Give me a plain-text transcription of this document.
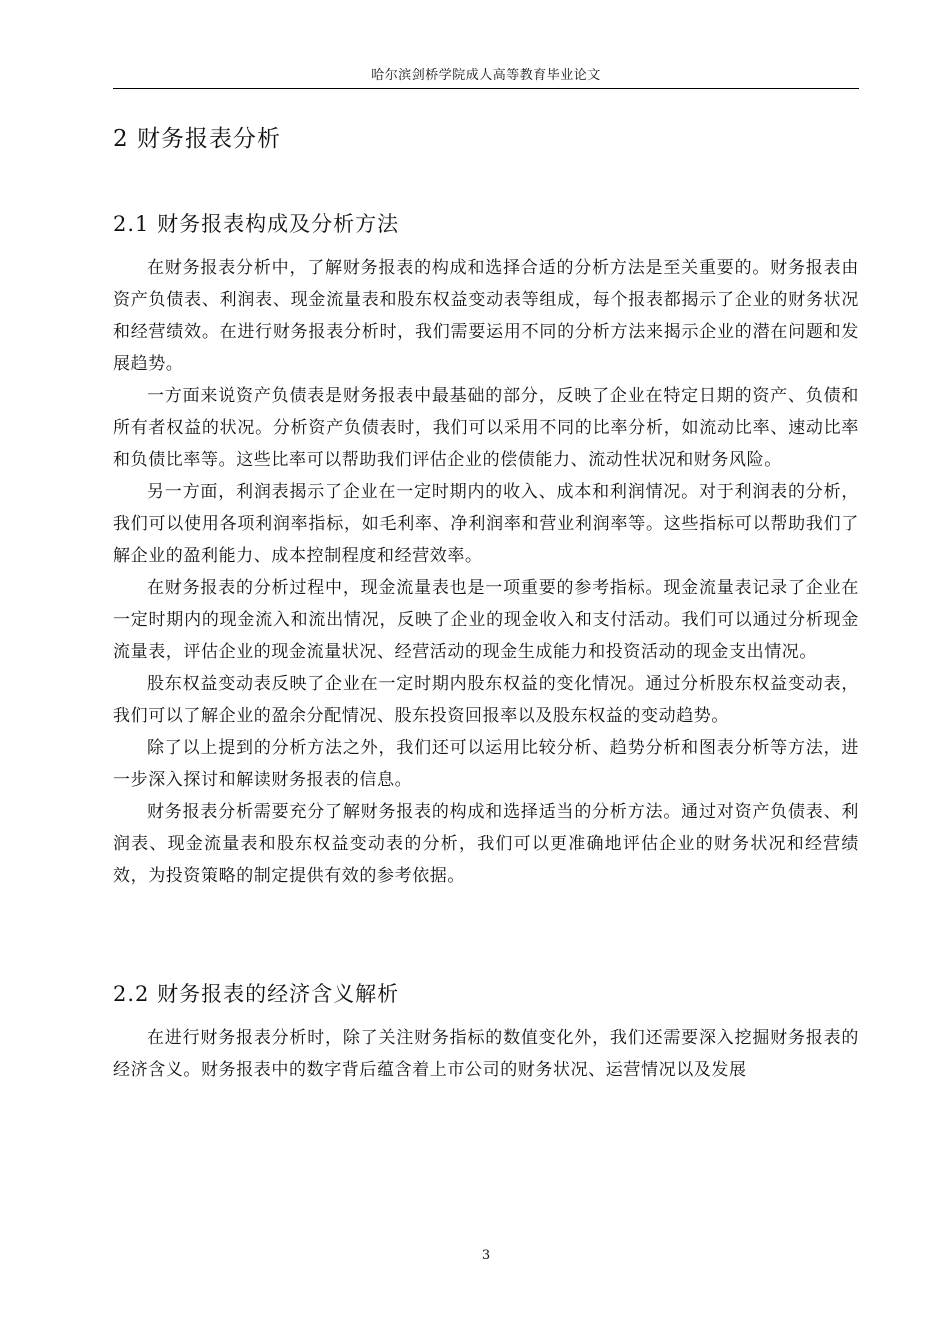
哈尔滨剑桥学院成人高等教育毕业论文
2 财务报表分析
2.1 财务报表构成及分析方法

在财务报表分析中，了解财务报表的构成和选择合适的分析方法是至关重要的。财务报表由资产负债表、利润表、现金流量表和股东权益变动表等组成，每个报表都揭示了企业的财务状况和经营绩效。在进行财务报表分析时，我们需要运用不同的分析方法来揭示企业的潜在问题和发展趋势。

一方面来说资产负债表是财务报表中最基础的部分，反映了企业在特定日期的资产、负债和所有者权益的状况。分析资产负债表时，我们可以采用不同的比率分析，如流动比率、速动比率和负债比率等。这些比率可以帮助我们评估企业的偿债能力、流动性状况和财务风险。

另一方面，利润表揭示了企业在一定时期内的收入、成本和利润情况。对于利润表的分析，我们可以使用各项利润率指标，如毛利率、净利润率和营业利润率等。这些指标可以帮助我们了解企业的盈利能力、成本控制程度和经营效率。

在财务报表的分析过程中，现金流量表也是一项重要的参考指标。现金流量表记录了企业在一定时期内的现金流入和流出情况，反映了企业的现金收入和支付活动。我们可以通过分析现金流量表，评估企业的现金流量状况、经营活动的现金生成能力和投资活动的现金支出情况。

股东权益变动表反映了企业在一定时期内股东权益的变化情况。通过分析股东权益变动表，我们可以了解企业的盈余分配情况、股东投资回报率以及股东权益的变动趋势。

除了以上提到的分析方法之外，我们还可以运用比较分析、趋势分析和图表分析等方法，进一步深入探讨和解读财务报表的信息。

财务报表分析需要充分了解财务报表的构成和选择适当的分析方法。通过对资产负债表、利润表、现金流量表和股东权益变动表的分析，我们可以更准确地评估企业的财务状况和经营绩效，为投资策略的制定提供有效的参考依据。

2.2 财务报表的经济含义解析

在进行财务报表分析时，除了关注财务指标的数值变化外，我们还需要深入挖掘财务报表的经济含义。财务报表中的数字背后蕴含着上市公司的财务状况、运营情况以及发展

3
